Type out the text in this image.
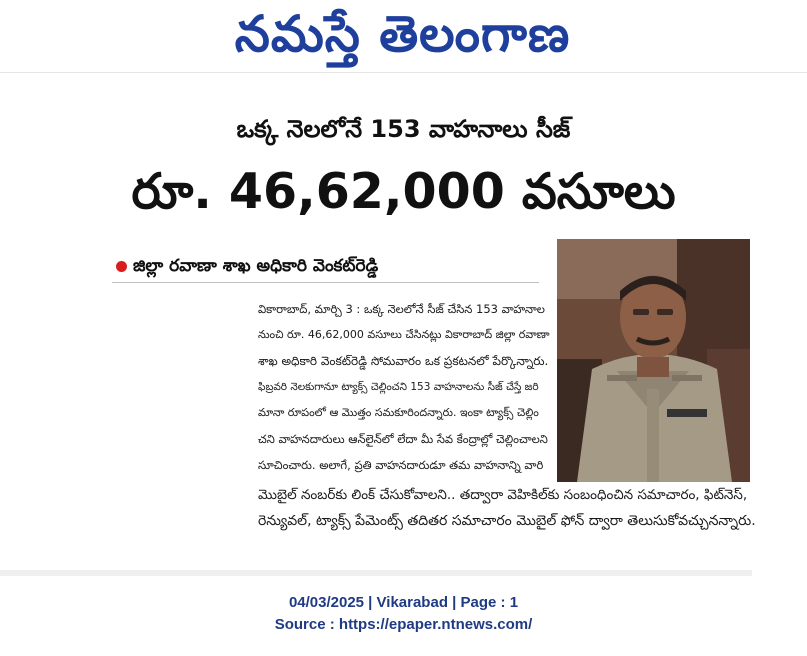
నమస్తే తెలంగాణ
ఒక్క నెలలోనే 153 వాహనాలు సీజ్
రూ. 46,62,000 వసూలు
జిల్లా రవాణా శాఖ అధికారి వెంకట్‌రెడ్డి
వికారాబాద్, మార్చి 3 : ఒక్క నెలలోనే సీజ్ చేసిన 153 వాహనాల
నుంచి రూ. 46,62,000 వసూలు చేసినట్లు వికారాబాద్ జిల్లా రవాణా
శాఖ అధికారి వెంకట్‌రెడ్డి సోమవారం ఒక ప్రకటనలో పేర్కొన్నారు.
ఫిబ్రవరి నెలకుగానూ ట్యాక్స్ చెల్లించని 153 వాహనాలను సీజ్ చేస్తే జరి
మానా రూపంలో ఆ మొత్తం సమకూరిందన్నారు. ఇంకా ట్యాక్స్ చెల్లిం
చని వాహనదారులు ఆన్‌లైన్‌లో లేదా మీ సేవ కేంద్రాల్లో చెల్లించాలని
సూచించారు. అలాగే, ప్రతి వాహనదారుడూ తమ వాహనాన్ని వారి
మొబైల్ నంబర్‌కు లింక్ చేసుకోవాలని.. తద్వారా వెహికిల్‌కు సంబంధించిన సమాచారం, ఫిట్‌నెస్,
రెన్యువల్, ట్యాక్స్ పేమెంట్స్ తదితర సమాచారం మొబైల్ ఫోన్ ద్వారా తెలుసుకోవచ్చునన్నారు.
04/03/2025 | Vikarabad | Page : 1
Source : https://epaper.ntnews.com/
